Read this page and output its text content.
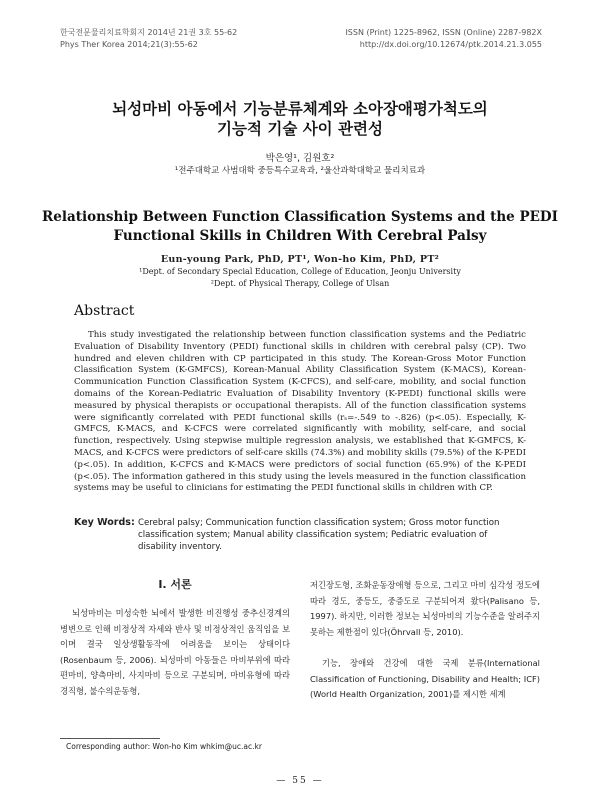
한국전문물리치료학회지 2014년 21권 3호 55-62
Phys Ther Korea 2014;21(3):55-62
ISSN (Print) 1225-8962, ISSN (Online) 2287-982X
http://dx.doi.org/10.12674/ptk.2014.21.3.055
뇌성마비 아동에서 기능분류체계와 소아장애평가척도의
기능적 기술 사이 관련성
박은영¹, 김원호²
¹전주대학교 사범대학 중등특수교육과, ²울산과학대학교 물리치료과
Relationship Between Function Classification Systems and the PEDI
Functional Skills in Children With Cerebral Palsy
Eun-young Park, PhD, PT¹, Won-ho Kim, PhD, PT²
¹Dept. of Secondary Special Education, College of Education, Jeonju University
²Dept. of Physical Therapy, College of Ulsan
Abstract

This study investigated the relationship between function classification systems and the Pediatric Evaluation of Disability Inventory (PEDI) functional skills in children with cerebral palsy (CP). Two hundred and eleven children with CP participated in this study. The Korean-Gross Motor Function Classification System (K-GMFCS), Korean-Manual Ability Classification System (K-MACS), Korean-Communication Function Classification System (K-CFCS), and self-care, mobility, and social function domains of the Korean-Pediatric Evaluation of Disability Inventory (K-PEDI) functional skills were measured by physical therapists or occupational therapists. All of the function classification systems were significantly correlated with PEDI functional skills (rₛ=-.549 to -.826) (p<.05). Especially, K-GMFCS, K-MACS, and K-CFCS were correlated significantly with mobility, self-care, and social function, respectively. Using stepwise multiple regression analysis, we established that K-GMFCS, K-MACS, and K-CFCS were predictors of self-care skills (74.3%) and mobility skills (79.5%) of the K-PEDI (p<.05). In addition, K-CFCS and K-MACS were predictors of social function (65.9%) of the K-PEDI (p<.05). The information gathered in this study using the levels measured in the function classification systems may be useful to clinicians for estimating the PEDI functional skills in children with CP.

Key Words: Cerebral palsy; Communication function classification system; Gross motor function classification system; Manual ability classification system; Pediatric evaluation of disability inventory.
Ⅰ. 서론

뇌성마비는 미성숙한 뇌에서 발생한 비진행성 중추신경계의 병변으로 인해 비정상적 자세와 반사 및 비정상적인 움직임을 보이며 결국 일상생활동작에 어려움을 보이는 상태이다(Rosenbaum 등, 2006). 뇌성마비 아동들은 마비부위에 따라 편마비, 양측마비, 사지마비 등으로 구분되며, 마비유형에 따라 경직형, 불수의운동형,

저긴장도형, 조화운동장애형 등으로, 그리고 마비 심각성 정도에 따라 경도, 중등도, 중증도로 구분되어져 왔다(Palisano 등, 1997). 하지만, 이러한 정보는 뇌성마비의 기능수준을 알려주지 못하는 제한점이 있다(Öhrvall 등, 2010).

기능, 장애와 건강에 대한 국제 분류(International Classification of Functioning, Disability and Health; ICF)(World Health Organization, 2001)를 제시한 세계

Corresponding author: Won-ho Kim whkim@uc.ac.kr
— 55 —
